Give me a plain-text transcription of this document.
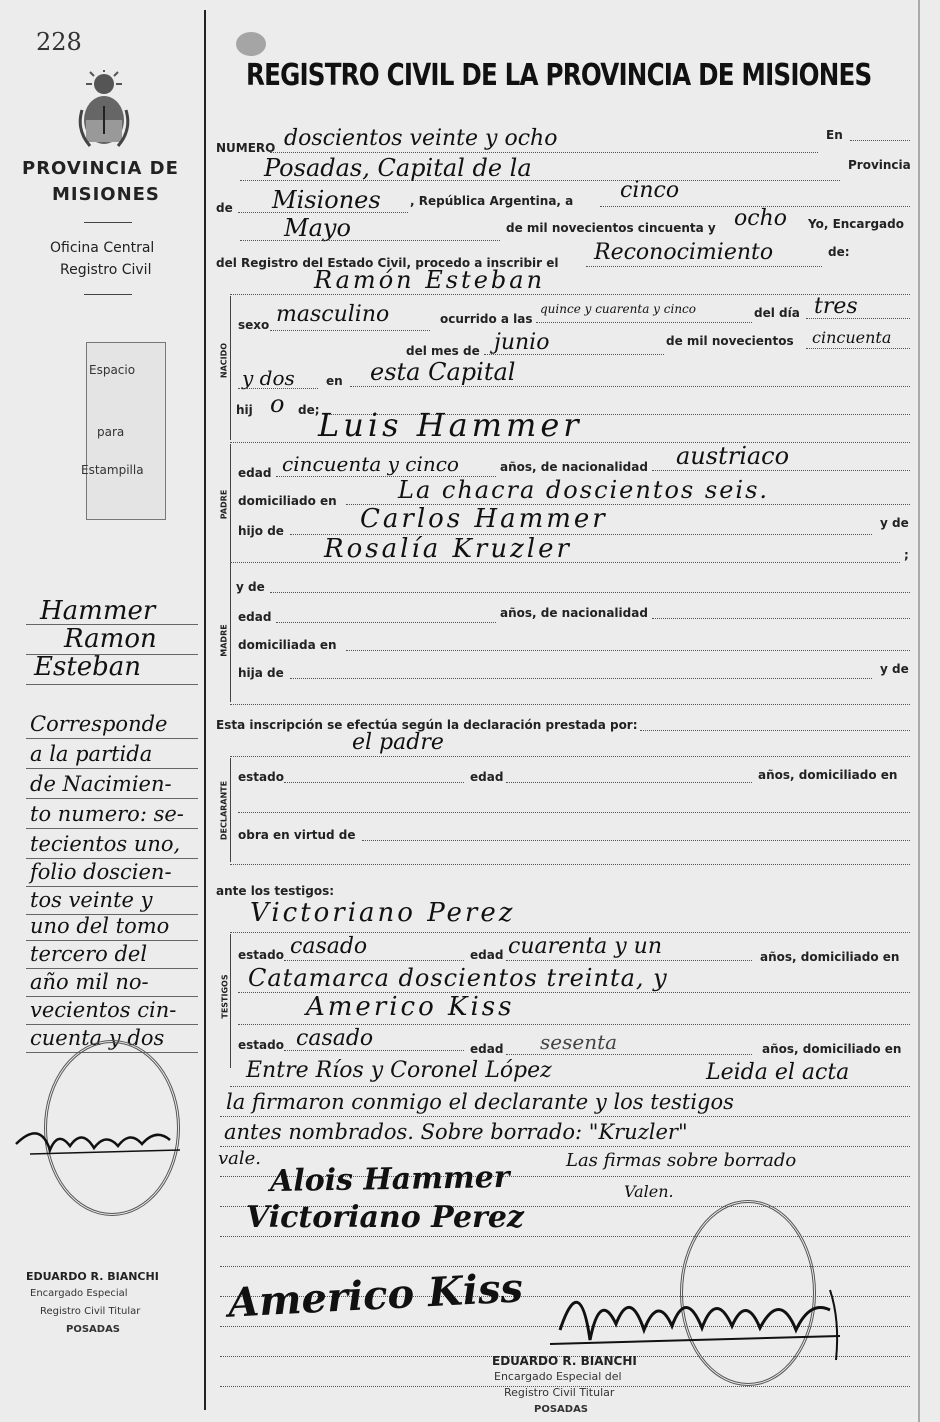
228
PROVINCIA DE
MISIONES
Oficina Central
Registro Civil
Espacio
para
Estampilla
Hammer
Ramon
Esteban
Corresponde
a la partida
de Nacimien-
to numero: se-
tecientos uno,
folio doscien-
tos veinte y
uno del tomo
tercero del
año mil no-
vecientos cin-
cuenta y dos
EDUARDO R. BIANCHI
Encargado Especial
Registro Civil Titular
POSADAS
REGISTRO CIVIL DE LA PROVINCIA DE MISIONES
NUMERO doscientos veinte y ocho	En
Posadas, Capital de la	Provincia
de Misiones , República Argentina, a cinco
Mayo	de mil novecientos cincuenta y ocho Yo, Encargado
del Registro del Estado Civil, procedo a inscribir el Reconocimiento	de:
Ramón Esteban
NACIDO
sexo masculino	ocurrido a las
quince y cuarenta y cinco	del día tres
del mes de junio	de mil novecientos cincuenta
y dos	en esta Capital
hij o de;
Luis Hammer
PADRE
edad cincuenta y cinco	años, de nacionalidad austriaco
domiciliado en	La chacra doscientos seis.
hijo de	Carlos Hammer	y de
Rosalía Kruzler	;
MADRE
y de
edad	años, de nacionalidad
domiciliada en
hija de	y de
Esta inscripción se efectúa según la declaración prestada por:
el padre
DECLARANTE
estado	edad	años, domiciliado en
obra en virtud de
ante los testigos:
Victoriano Perez
TESTIGOS
estado casado	edad cuarenta y un	años, domiciliado en
Catamarca doscientos treinta, y
Americo Kiss
estado casado	edad sesenta	años, domiciliado en
Entre Ríos y Coronel López	Leida el acta
la firmaron conmigo el declarante y los testigos
antes nombrados. Sobre borrado: "Kruzler"
vale.	Las firmas sobre borrado
Valen.
Alois Hammer
Victoriano Perez
Americo Kiss
EDUARDO R. BIANCHI
Encargado Especial del
Registro Civil Titular
POSADAS
